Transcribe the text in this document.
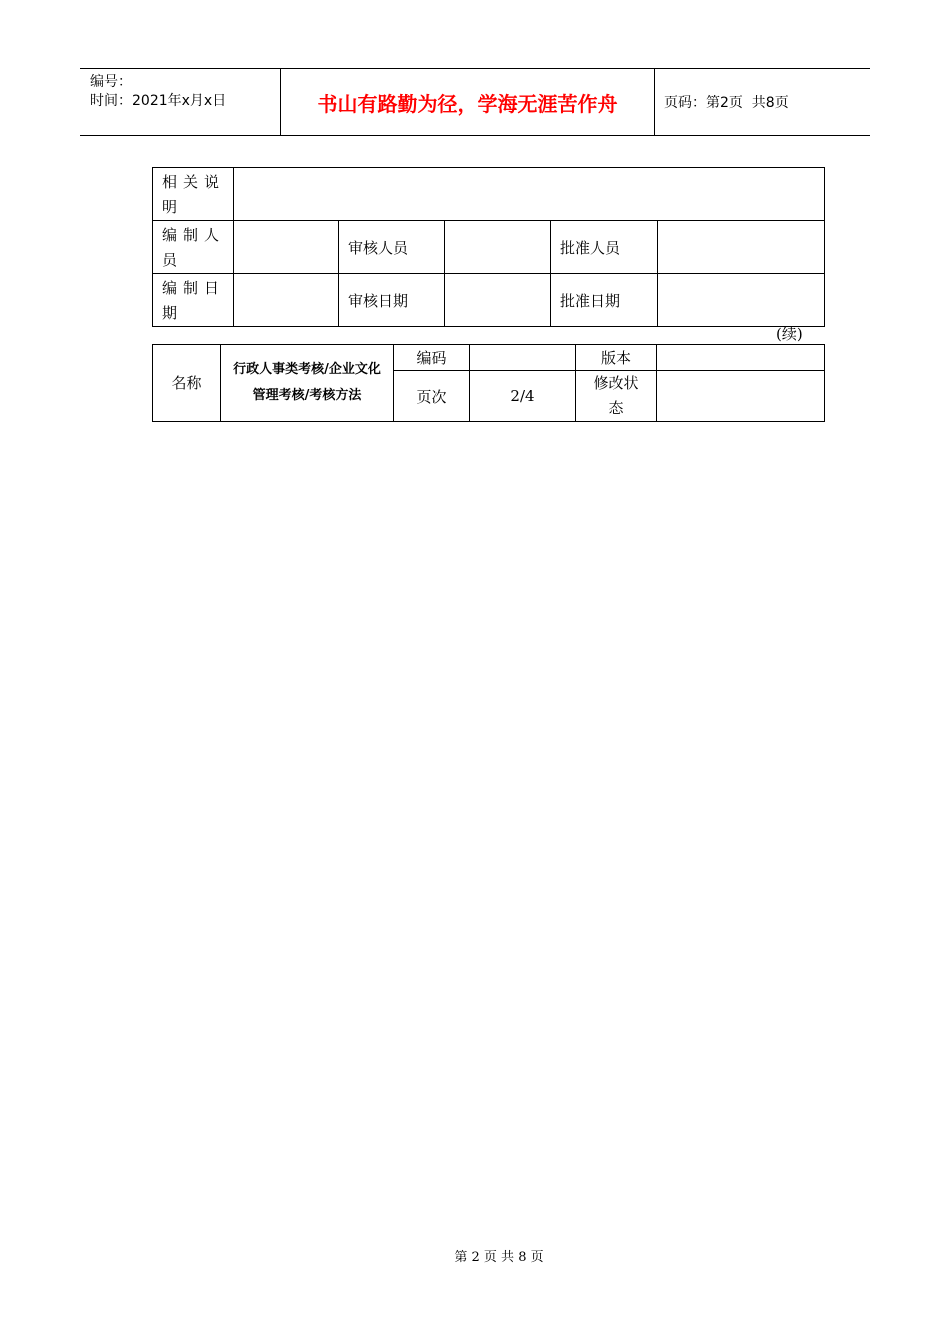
编号：
时间：2021年x月x日	书山有路勤为径，学海无涯苦作舟	页码：第2页  共8页
相关说明					
编制人员		审核人员		批准人员	
编制日期		审核日期		批准日期	
(续)
名称	行政人事类考核/企业文化管理考核/考核方法	编码		版本	
		页次	2/4	修改状态	
第 2 页 共 8 页
